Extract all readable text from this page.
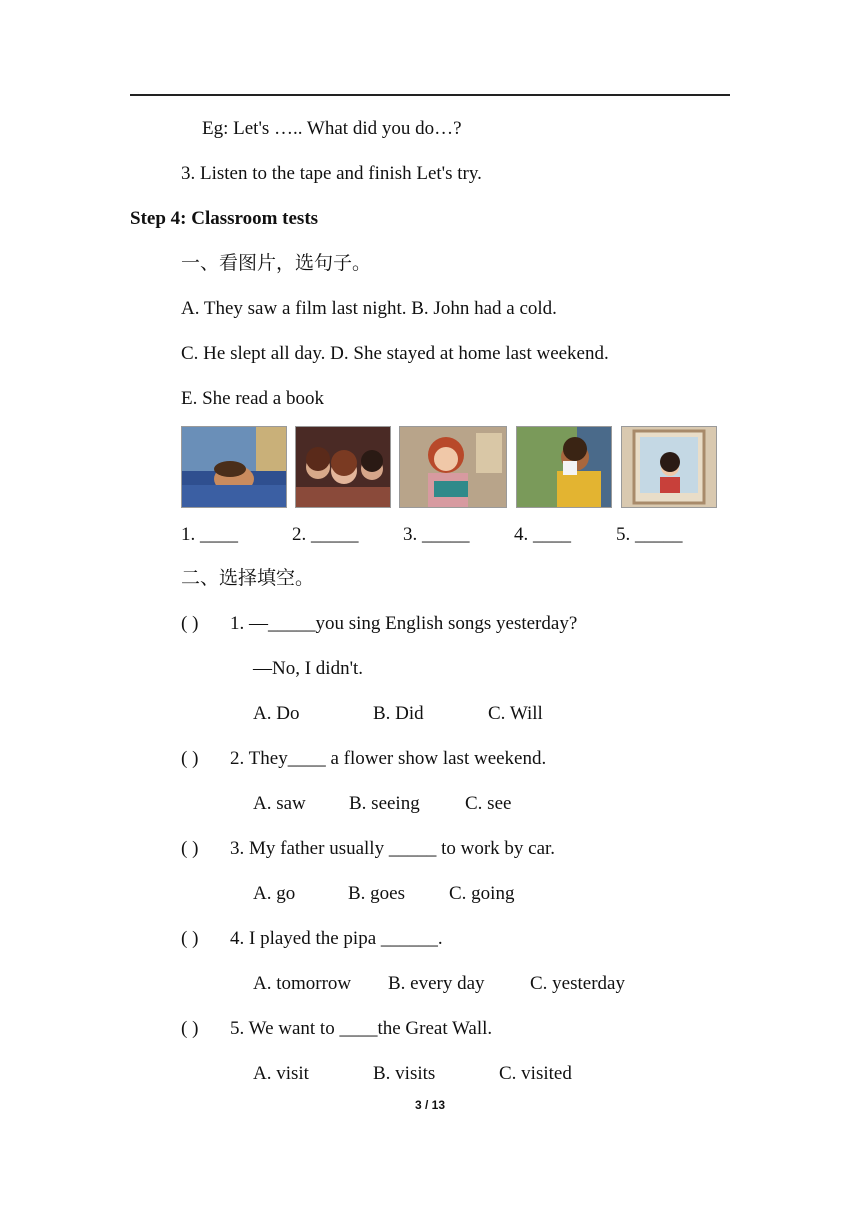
Eg: Let's ….. What did you do…?
3. Listen to the tape and finish Let's try.
Step 4: Classroom tests
一、看图片，选句子。
A. They saw a film last night. B. John had a cold.
C. He slept all day. D. She stayed at home last weekend.
E. She read a book
1. ____	2. _____ 3. _____ 4. ____ 5. _____
二、选择填空。
( ) 1. —_____you sing English songs yesterday?
—No, I didn't.
A. Do	B. Did	C. Will
( ) 2. They____ a flower show last weekend.
A. saw B. seeing C. see
( ) 3. My father usually _____ to work by car.
A. go	B. goes C. going
( ) 4. I played the pipa ______.
A. tomorrow B. every day C. yesterday
( ) 5. We want to ____the Great Wall.
A. visit	B. visits	C. visited
3 / 13
